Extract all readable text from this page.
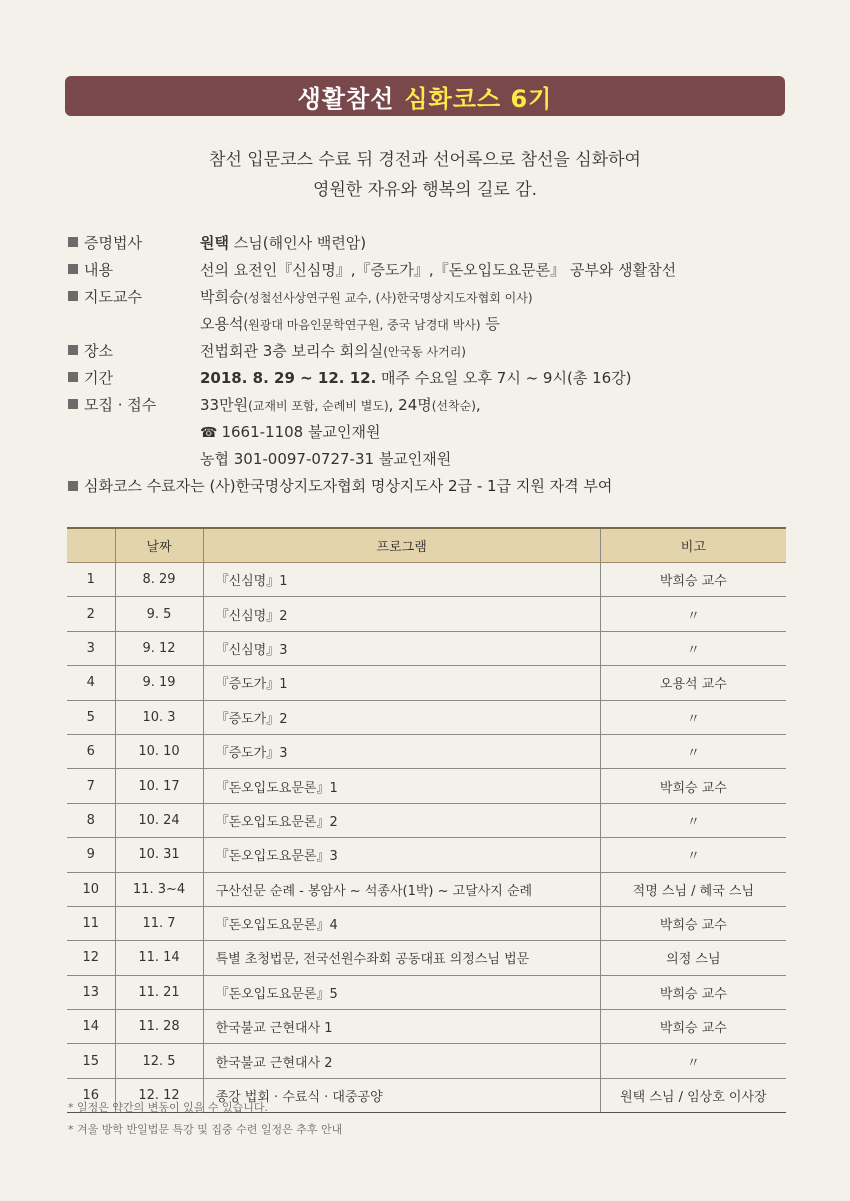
생활참선 심화코스 6기
참선 입문코스 수료 뒤 경전과 선어록으로 참선을 심화하여
영원한 자유와 행복의 길로 감.
증명법사	원택 스님(해인사 백련암)
내용	선의 요전인『신심명』,『증도가』,『돈오입도요문론』 공부와 생활참선
지도교수	박희승(성철선사상연구원 교수, (사)한국명상지도자협회 이사)
오용석(원광대 마음인문학연구원, 중국 남경대 박사) 등
장소	전법회관 3층 보리수 회의실(안국동 사거리)
기간	2018. 8. 29 ~ 12. 12. 매주 수요일 오후 7시 ~ 9시(총 16강)
모집 · 접수	33만원(교재비 포함, 순례비 별도), 24명(선착순),
☎ 1661-1108 불교인재원
농협 301-0097-0727-31 불교인재원
심화코스 수료자는 (사)한국명상지도자협회 명상지도사 2급 - 1급 지원 자격 부여
	날짜	프로그램	비고
1	8. 29	『신심명』1	박희승 교수
2	9. 5	『신심명』2	〃
3	9. 12	『신심명』3	〃
4	9. 19	『증도가』1	오용석 교수
5	10. 3	『증도가』2	〃
6	10. 10	『증도가』3	〃
7	10. 17	『돈오입도요문론』1	박희승 교수
8	10. 24	『돈오입도요문론』2	〃
9	10. 31	『돈오입도요문론』3	〃
10	11. 3~4	구산선문 순례 - 봉암사 ~ 석종사(1박) ~ 고달사지 순례	적명 스님 / 혜국 스님
11	11. 7	『돈오입도요문론』4	박희승 교수
12	11. 14	특별 초청법문, 전국선원수좌회 공동대표 의정스님 법문	의정 스님
13	11. 21	『돈오입도요문론』5	박희승 교수
14	11. 28	한국불교 근현대사 1	박희승 교수
15	12. 5	한국불교 근현대사 2	〃
16	12. 12	종강 법회 · 수료식 · 대중공양	원택 스님 / 임상호 이사장
* 일정은 약간의 변동이 있을 수 있습니다.
* 겨울 방학 반일법문 특강 및 집중 수련 일정은 추후 안내
